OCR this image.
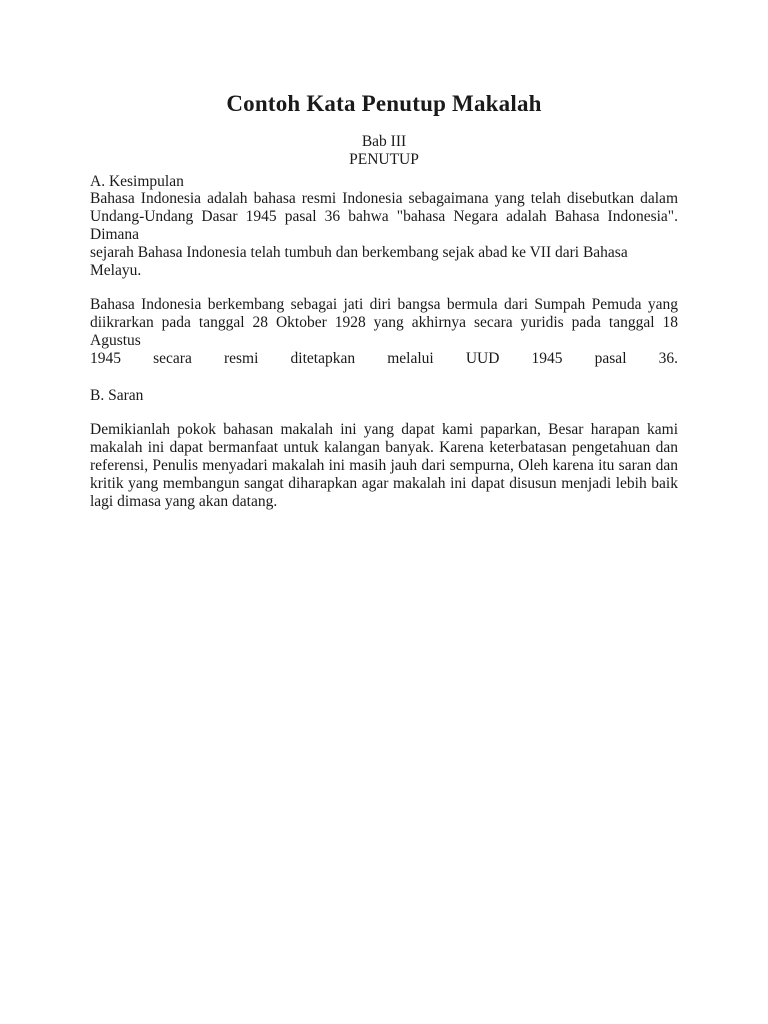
Contoh Kata Penutup Makalah
Bab III
PENUTUP
A. Kesimpulan
Bahasa Indonesia adalah bahasa resmi Indonesia sebagaimana yang telah disebutkan dalam
Undang-Undang Dasar 1945 pasal 36 bahwa "bahasa Negara adalah Bahasa Indonesia". Dimana
sejarah Bahasa Indonesia telah tumbuh dan berkembang sejak abad ke VII dari Bahasa Melayu.
Bahasa Indonesia berkembang sebagai jati diri bangsa bermula dari Sumpah Pemuda yang
diikrarkan pada tanggal 28 Oktober 1928 yang akhirnya secara yuridis pada tanggal 18 Agustus
1945 secara resmi ditetapkan melalui UUD 1945 pasal 36.
B. Saran
Demikianlah pokok bahasan makalah ini yang dapat kami paparkan, Besar harapan kami
makalah ini dapat bermanfaat untuk kalangan banyak. Karena keterbatasan pengetahuan dan
referensi, Penulis menyadari makalah ini masih jauh dari sempurna, Oleh karena itu saran dan
kritik yang membangun sangat diharapkan agar makalah ini dapat disusun menjadi lebih baik
lagi dimasa yang akan datang.
